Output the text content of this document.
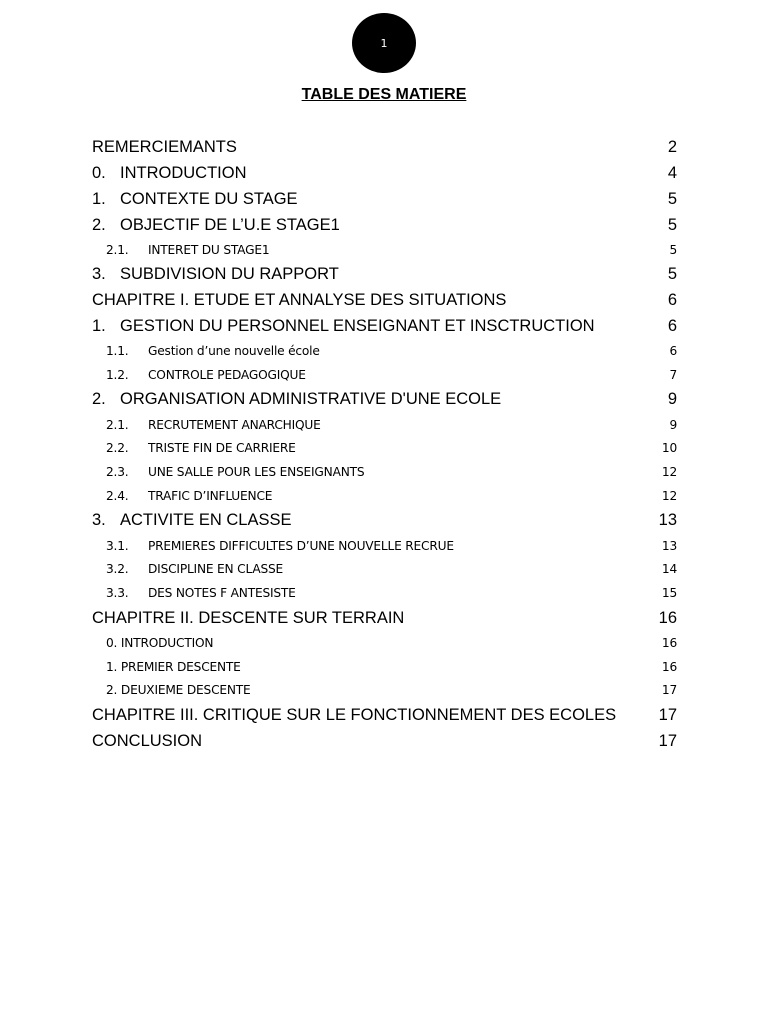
1
TABLE DES MATIERE
REMERCIEMANTS	2
0. INTRODUCTION	4
1. CONTEXTE DU STAGE	5
2. OBJECTIF DE L’U.E STAGE1	5
2.1.	INTERET DU STAGE1	5
3. SUBDIVISION DU RAPPORT	5
CHAPITRE I. ETUDE ET ANNALYSE DES SITUATIONS	6
1. GESTION DU PERSONNEL ENSEIGNANT ET INSCTRUCTION	6
1.1.	Gestion d’une nouvelle école	6
1.2.	CONTROLE PEDAGOGIQUE	7
2. ORGANISATION ADMINISTRATIVE D'UNE ECOLE	9
2.1.	RECRUTEMENT ANARCHIQUE	9
2.2.	TRISTE FIN DE CARRIERE	10
2.3.	UNE SALLE POUR LES ENSEIGNANTS	12
2.4.	TRAFIC D’INFLUENCE	12
3. ACTIVITE EN CLASSE	13
3.1.	PREMIERES DIFFICULTES D’UNE NOUVELLE RECRUE	13
3.2.	DISCIPLINE EN CLASSE	14
3.3.	DES NOTES F ANTESISTE	15
CHAPITRE II. DESCENTE SUR TERRAIN	16
0. INTRODUCTION	16
1. PREMIER DESCENTE	16
2. DEUXIEME DESCENTE	17
CHAPITRE III. CRITIQUE SUR LE FONCTIONNEMENT DES ECOLES	17
CONCLUSION	17
